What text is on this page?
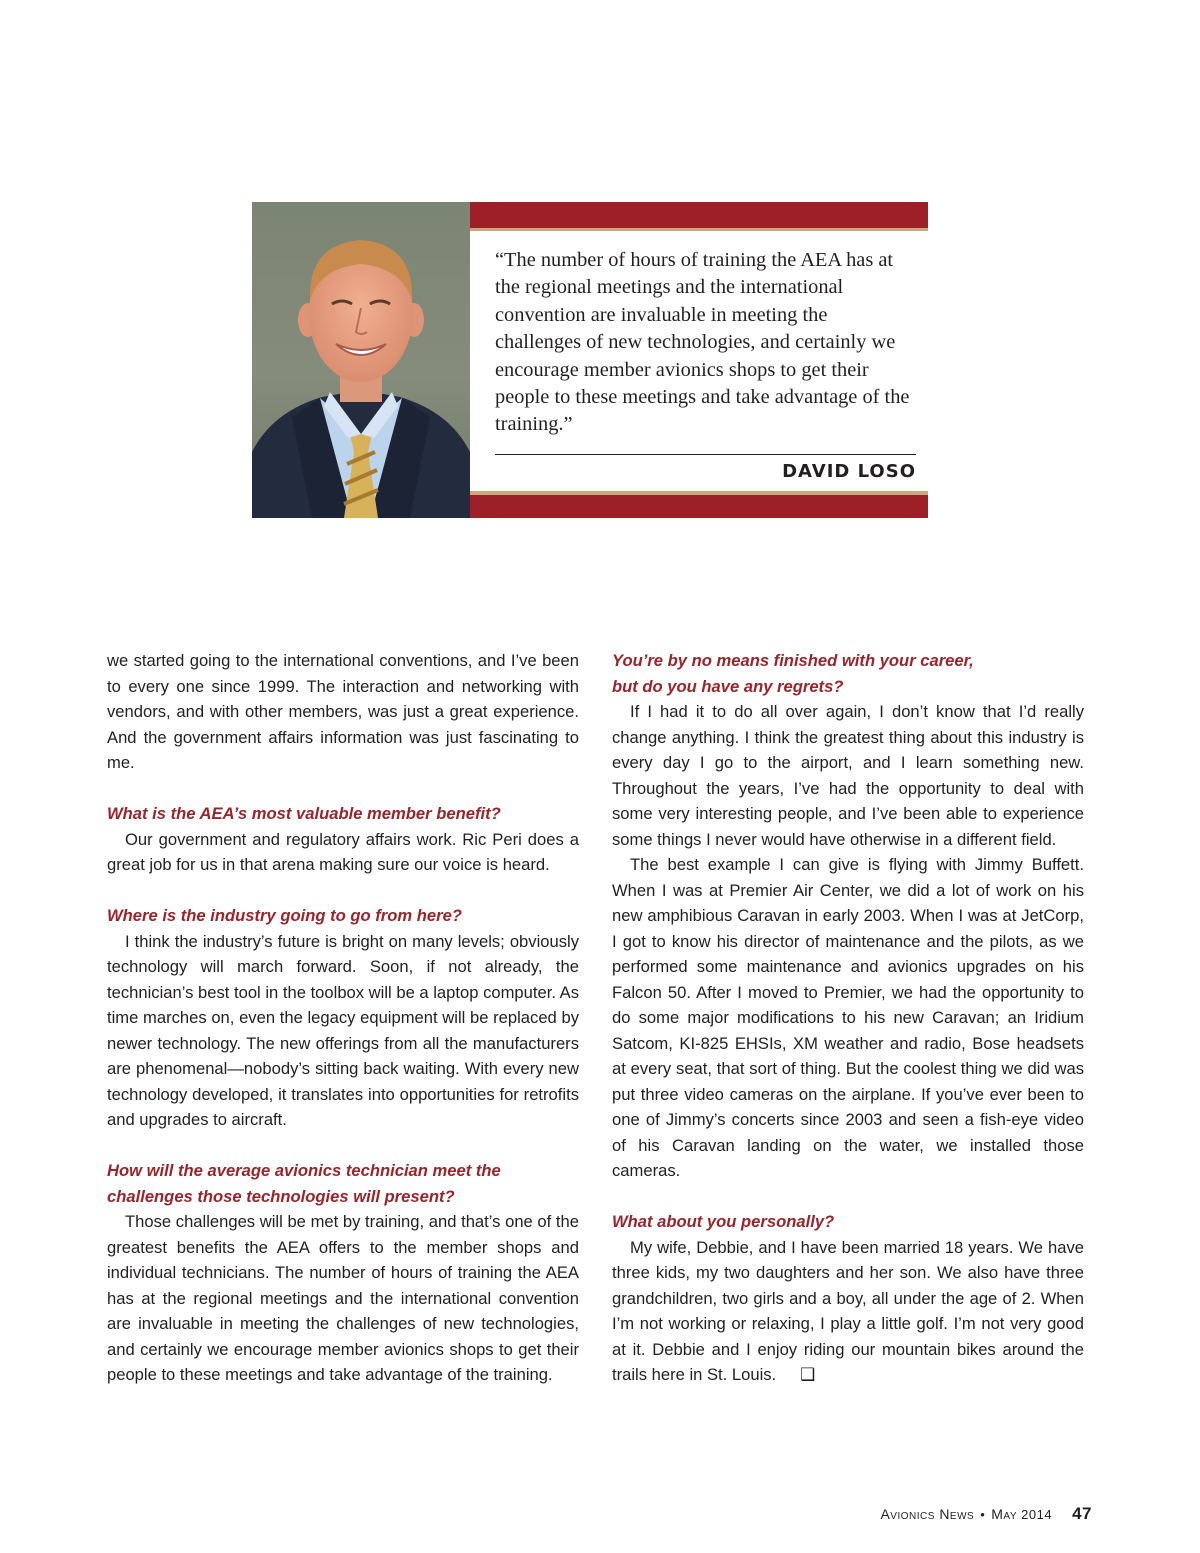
“The number of hours of training the AEA has at the regional meetings and the international convention are invaluable in meeting the challenges of new technologies, and certainly we encourage member avionics shops to get their people to these meetings and take advantage of the training.”

DAVID LOSO

we started going to the international conventions, and I’ve been to every one since 1999. The interaction and networking with vendors, and with other members, was just a great experience. And the government affairs information was just fascinating to me.

What is the AEA’s most valuable member benefit?

Our government and regulatory affairs work. Ric Peri does a great job for us in that arena making sure our voice is heard.

Where is the industry going to go from here?

I think the industry’s future is bright on many levels; obviously technology will march forward. Soon, if not already, the technician’s best tool in the toolbox will be a laptop computer. As time marches on, even the legacy equipment will be replaced by newer technology. The new offerings from all the manufacturers are phenomenal—nobody’s sitting back waiting. With every new technology developed, it translates into opportunities for retrofits and upgrades to aircraft.

How will the average avionics technician meet the challenges those technologies will present?

Those challenges will be met by training, and that’s one of the greatest benefits the AEA offers to the member shops and individual technicians. The number of hours of training the AEA has at the regional meetings and the international convention are invaluable in meeting the challenges of new technologies, and certainly we encourage member avionics shops to get their people to these meetings and take advantage of the training.

You’re by no means finished with your career,
but do you have any regrets?

If I had it to do all over again, I don’t know that I’d really change anything. I think the greatest thing about this industry is every day I go to the airport, and I learn something new. Throughout the years, I’ve had the opportunity to deal with some very interesting people, and I’ve been able to experience some things I never would have otherwise in a different field.

The best example I can give is flying with Jimmy Buffett. When I was at Premier Air Center, we did a lot of work on his new amphibious Caravan in early 2003. When I was at JetCorp, I got to know his director of maintenance and the pilots, as we performed some maintenance and avionics upgrades on his Falcon 50. After I moved to Premier, we had the opportunity to do some major modifications to his new Caravan; an Iridium Satcom, KI-825 EHSIs, XM weather and radio, Bose headsets at every seat, that sort of thing. But the coolest thing we did was put three video cameras on the airplane. If you’ve ever been to one of Jimmy’s concerts since 2003 and seen a fish-eye video of his Caravan landing on the water, we installed those cameras.

What about you personally?

My wife, Debbie, and I have been married 18 years. We have three kids, my two daughters and her son. We also have three grandchildren, two girls and a boy, all under the age of 2. When I’m not working or relaxing, I play a little golf. I’m not very good at it. Debbie and I enjoy riding our mountain bikes around the trails here in St. Louis. ❑

Avionics News • May 2014 47
